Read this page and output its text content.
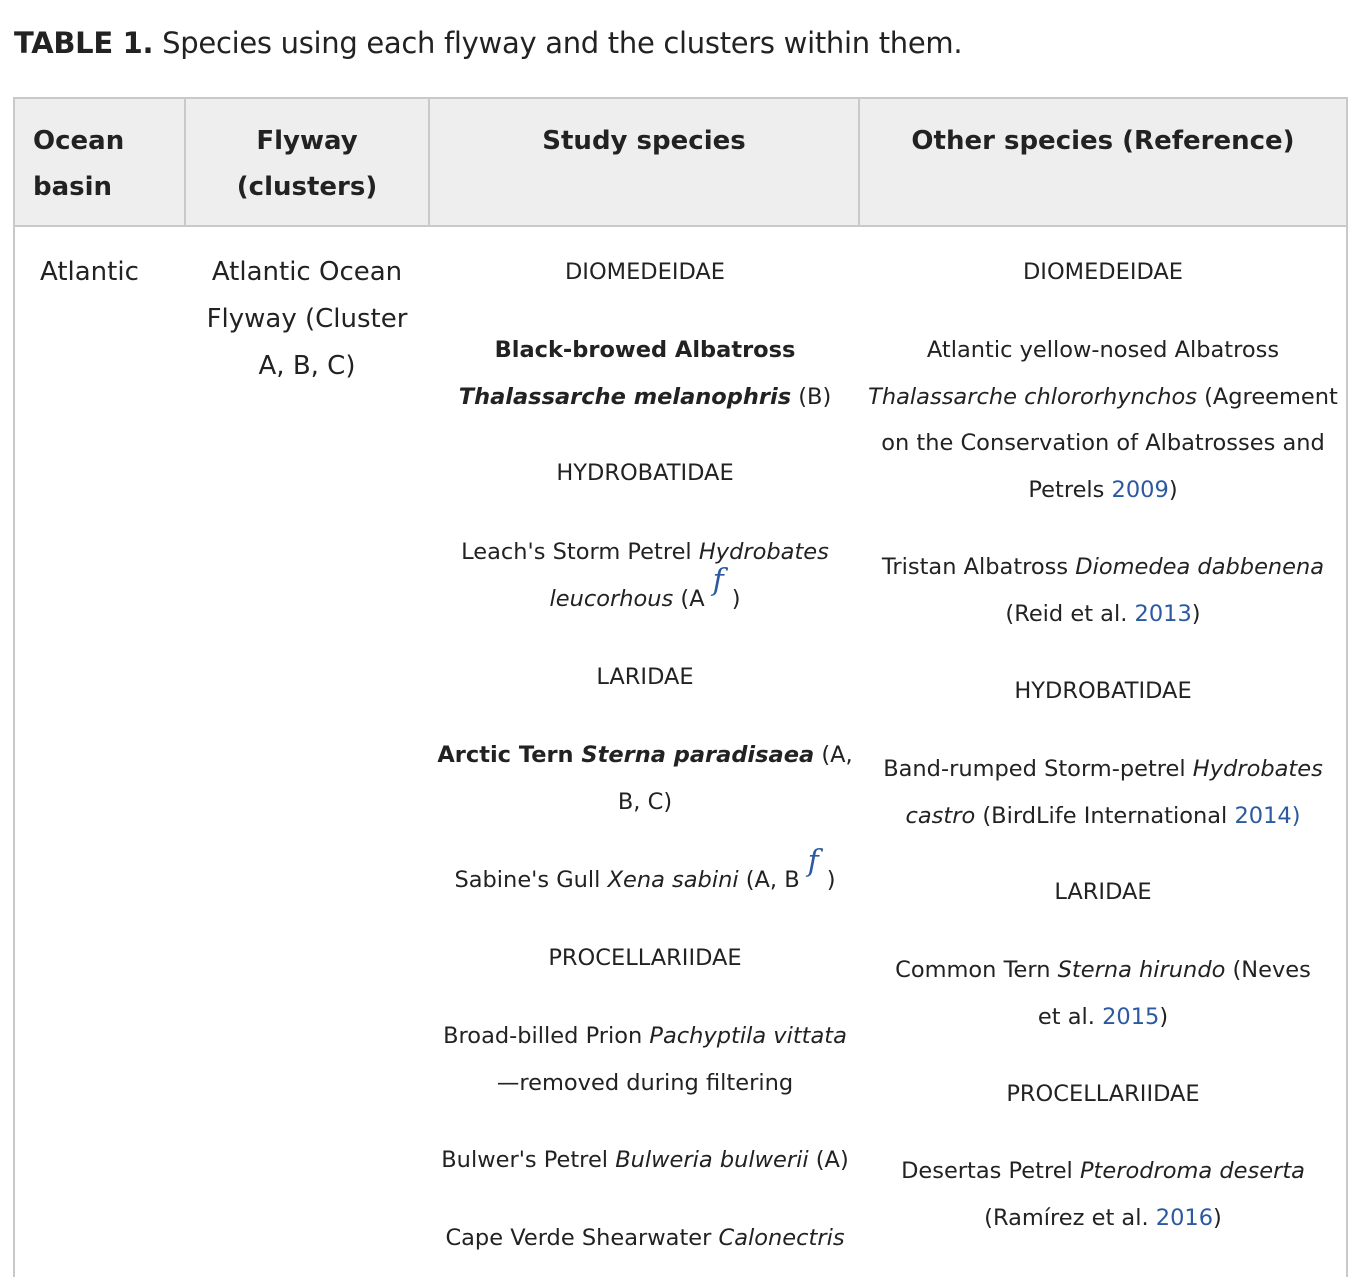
TABLE 1. Species using each flyway and the clusters within them.
Ocean
basin
Flyway
(clusters)
Study species	Other species (Reference)
Atlantic	Atlantic Ocean
Flyway (Cluster
A, B, C)
DIOMEDEIDAE
Black-browed Albatross
Thalassarche melanophris (B)
HYDROBATIDAE
Leach's Storm Petrel Hydrobates
leucorhous (Af)
LARIDAE
Arctic Tern Sterna paradisaea (A,
B, C)
Sabine's Gull Xena sabini (A, Bf)
PROCELLARIIDAE
Broad-billed Prion Pachyptila vittata
—removed during filtering
Bulwer's Petrel Bulweria bulwerii (A)
Cape Verde Shearwater Calonectris
DIOMEDEIDAE
Atlantic yellow-nosed Albatross
Thalassarche chlororhynchos (Agreement
on the Conservation of Albatrosses and
Petrels 2009)
Tristan Albatross Diomedea dabbenena
(Reid et al. 2013)
HYDROBATIDAE
Band-rumped Storm-petrel Hydrobates
castro (BirdLife International 2014)
LARIDAE
Common Tern Sterna hirundo (Neves
et al. 2015)
PROCELLARIIDAE
Desertas Petrel Pterodroma deserta
(Ramírez et al. 2016)
